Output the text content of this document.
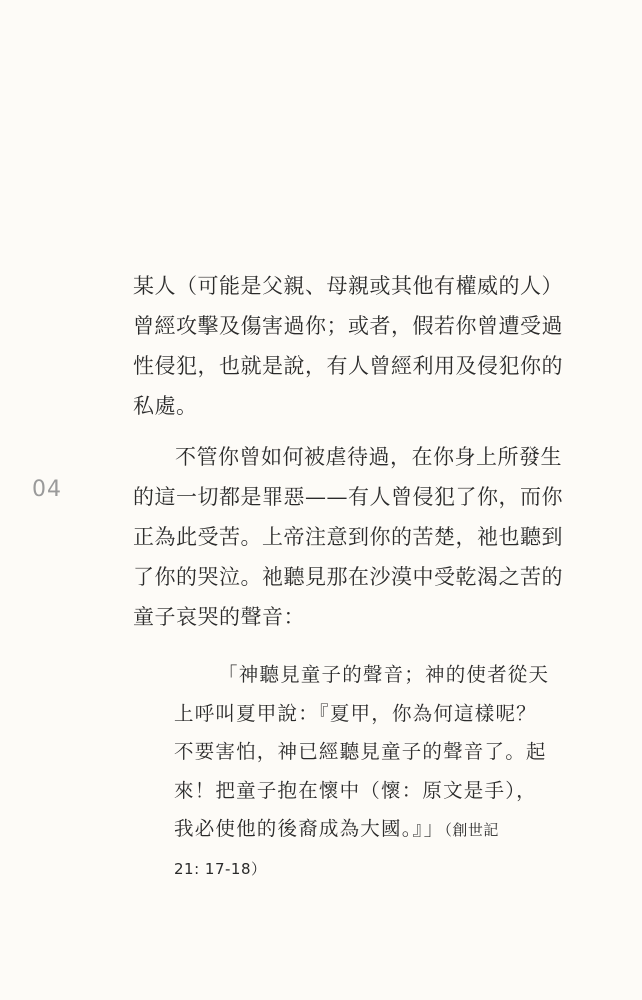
04

某人（可能是父親、母親或其他有權威的人）
曾經攻擊及傷害過你；或者，假若你曾遭受過
性侵犯，也就是說，有人曾經利用及侵犯你的
私處。

不管你曾如何被虐待過，在你身上所發生
的這一切都是罪惡——有人曾侵犯了你，而你
正為此受苦。上帝注意到你的苦楚，祂也聽到
了你的哭泣。祂聽見那在沙漠中受乾渴之苦的
童子哀哭的聲音：

「神聽見童子的聲音；神的使者從天
上呼叫夏甲說：『夏甲，你為何這樣呢？
不要害怕，神已經聽見童子的聲音了。起
來！把童子抱在懷中（懷：原文是手），
我必使他的後裔成為大國。』」（創世記
21: 17-18）
